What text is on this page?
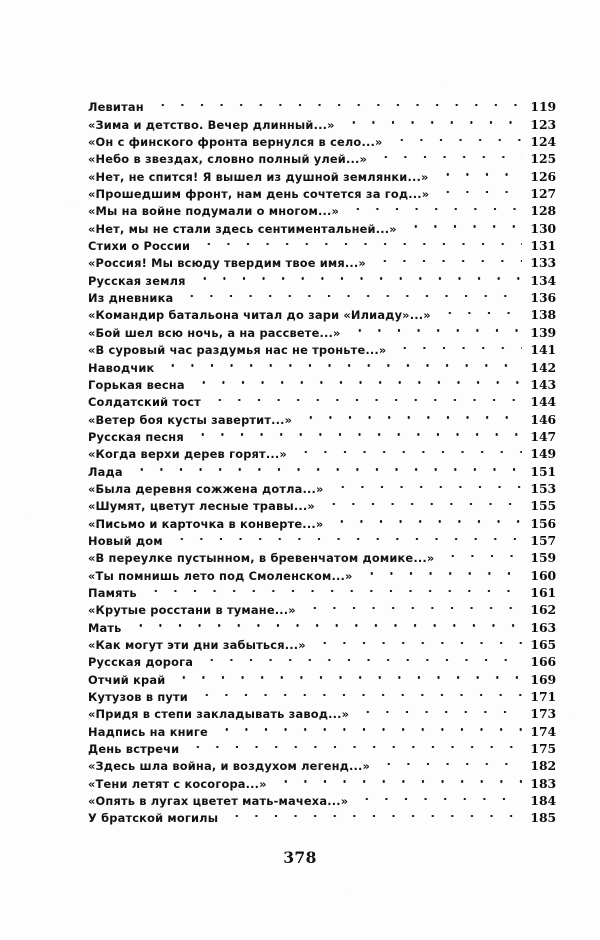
Левитан	119
«Зима и детство. Вечер длинный...»	123
«Он с финского фронта вернулся в село...»	124
«Небо в звездах, словно полный улей...»	125
«Нет, не спится! Я вышел из душной землянки...»	126
«Прошедшим фронт, нам день сочтется за год...»	127
«Мы на войне подумали о многом...»	128
«Нет, мы не стали здесь сентиментальней...»	130
Стихи о России	131
«Россия! Мы всюду твердим твое имя...»	133
Русская земля	134
Из дневника	136
«Командир батальона читал до зари «Илиаду»...»	138
«Бой шел всю ночь, а на рассвете...»	139
«В суровый час раздумья нас не троньте...»	141
Наводчик	142
Горькая весна	143
Солдатский тост	144
«Ветер боя кусты завертит...»	146
Русская песня	147
«Когда верхи дерев горят...»	149
Лада	151
«Была деревня сожжена дотла...»	153
«Шумят, цветут лесные травы...»	155
«Письмо и карточка в конверте...»	156
Новый дом	157
«В переулке пустынном, в бревенчатом домике...»	159
«Ты помнишь лето под Смоленском...»	160
Память	161
«Крутые росстани в тумане...»	162
Мать	163
«Как могут эти дни забыться...»	165
Русская дорога	166
Отчий край	169
Кутузов в пути	171
«Придя в степи закладывать завод...»	173
Надпись на книге	174
День встречи	175
«Здесь шла война, и воздухом легенд...»	182
«Тени летят с косогора...»	183
«Опять в лугах цветет мать-мачеха...»	184
У братской могилы	185
378
